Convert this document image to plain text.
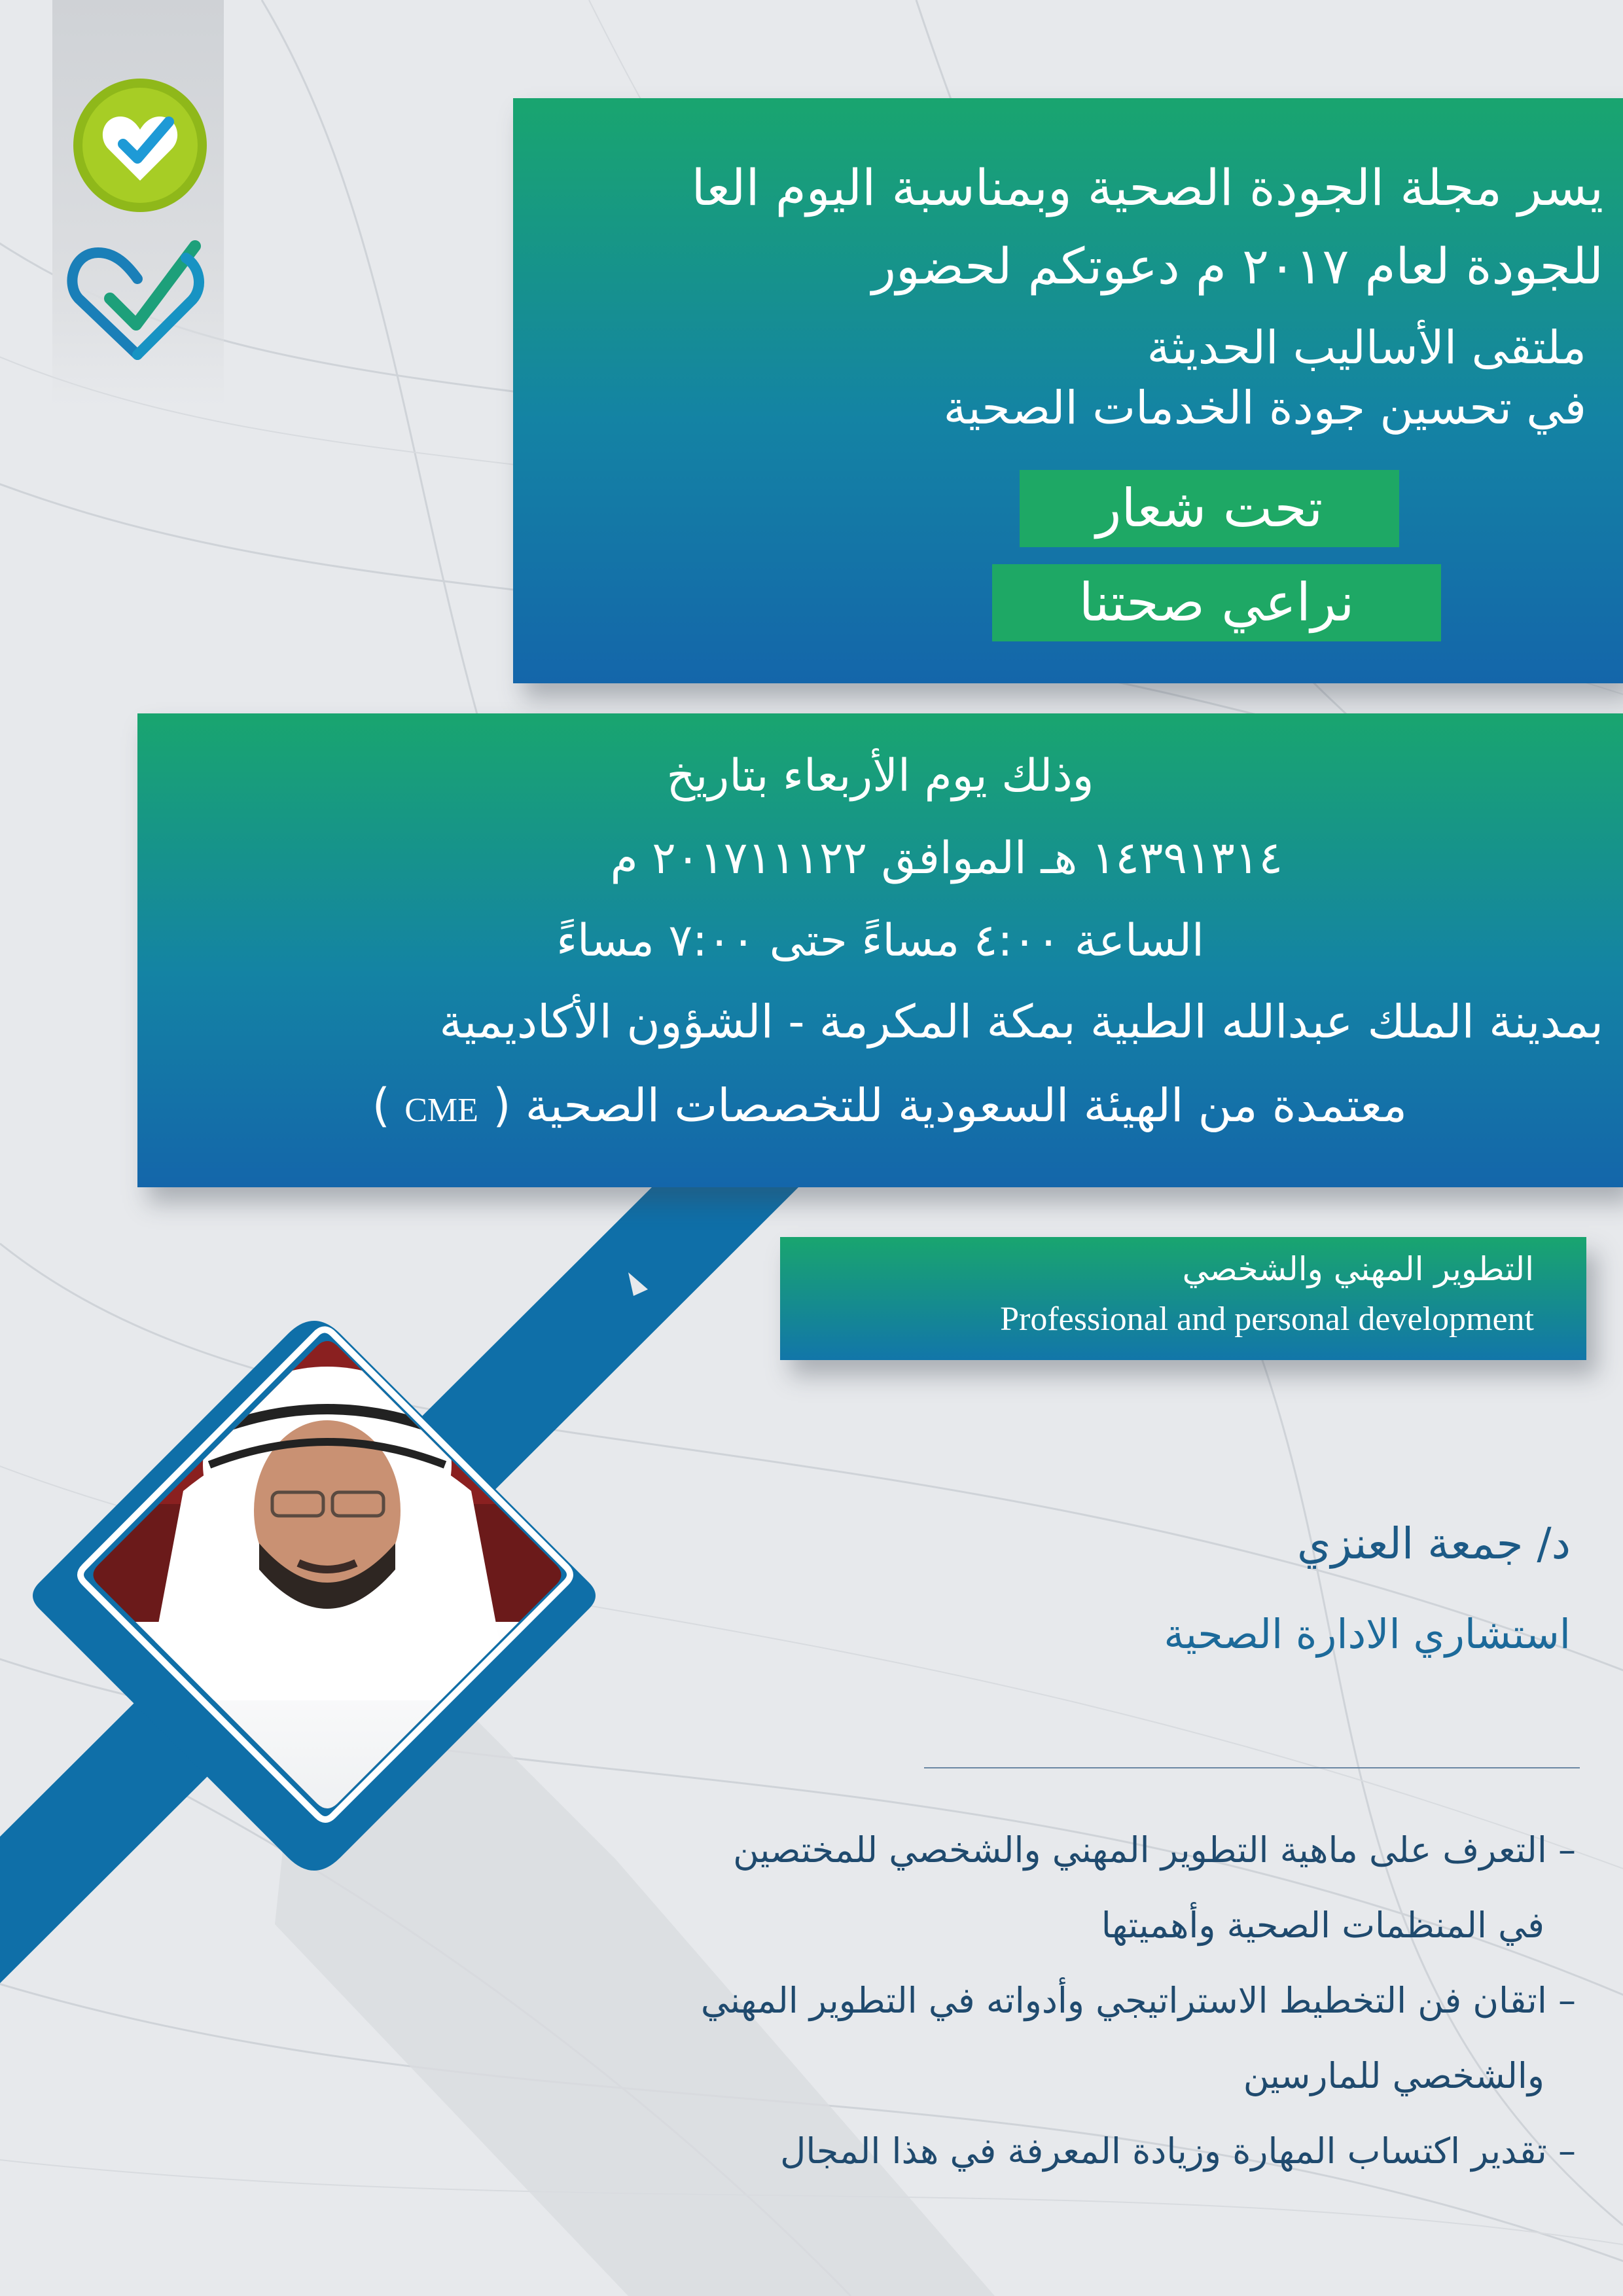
يسر مجلة الجودة الصحية وبمناسبة اليوم العا
للجودة لعام ٢٠١٧ م دعوتكم لحضور
ملتقى الأساليب الحديثة
في تحسين جودة الخدمات الصحية
تحت شعار
نراعي صحتنا
وذلك يوم الأربعاء بتاريخ
١٤٣٩١٣١٤ هـ الموافق ٢٠١٧١١١٢٢ م
الساعة ٤:٠٠ مساءً حتى ٧:٠٠ مساءً
بمدينة الملك عبدالله الطبية بمكة المكرمة - الشؤون الأكاديمية
معتمدة من الهيئة السعودية للتخصصات الصحية ( CME )
التطوير المهني والشخصي
Professional and personal development
د/ جمعة العنزي
استشاري الادارة الصحية
– التعرف على ماهية التطوير المهني والشخصي للمختصين
في المنظمات الصحية وأهميتها
– اتقان فن التخطيط الاستراتيجي وأدواته في التطوير المهني
والشخصي للمارسين
– تقدير اكتساب المهارة وزيادة المعرفة في هذا المجال
